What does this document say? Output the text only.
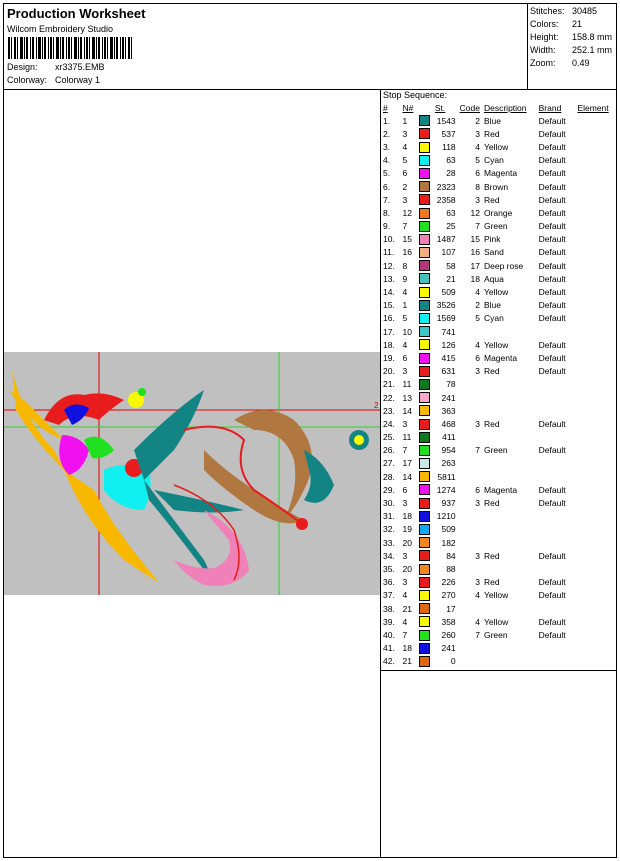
Production Worksheet
Wilcom Embroidery Studio
Design: xr3375.EMB
Colorway: Colorway 1
Stitches: 30485
Colors: 21
Height: 158.8 mm
Width: 252.1 mm
Zoom: 0.49
2
Stop Sequence:
#	N#		St.	Code	Description	Brand	Element
1.	1		1543	2	Blue	Default	
2.	3		537	3	Red	Default	
3.	4		118	4	Yellow	Default	
4.	5		63	5	Cyan	Default	
5.	6		28	6	Magenta	Default	
6.	2		2323	8	Brown	Default	
7.	3		2358	3	Red	Default	
8.	12		63	12	Orange	Default	
9.	7		25	7	Green	Default	
10.	15		1487	15	Pink	Default	
11.	16		107	16	Sand	Default	
12.	8		58	17	Deep rose	Default	
13.	9		21	18	Aqua	Default	
14.	4		509	4	Yellow	Default	
15.	1		3526	2	Blue	Default	
16.	5		1569	5	Cyan	Default	
17.	10		741				
18.	4		126	4	Yellow	Default	
19.	6		415	6	Magenta	Default	
20.	3		631	3	Red	Default	
21.	11		78				
22.	13		241				
23.	14		363				
24.	3		468	3	Red	Default	
25.	11		411				
26.	7		954	7	Green	Default	
27.	17		263				
28.	14		5811				
29.	6		1274	6	Magenta	Default	
30.	3		937	3	Red	Default	
31.	18		1210				
32.	19		509				
33.	20		182				
34.	3		84	3	Red	Default	
35.	20		88				
36.	3		226	3	Red	Default	
37.	4		270	4	Yellow	Default	
38.	21		17				
39.	4		358	4	Yellow	Default	
40.	7		260	7	Green	Default	
41.	18		241				
42.	21		0				
